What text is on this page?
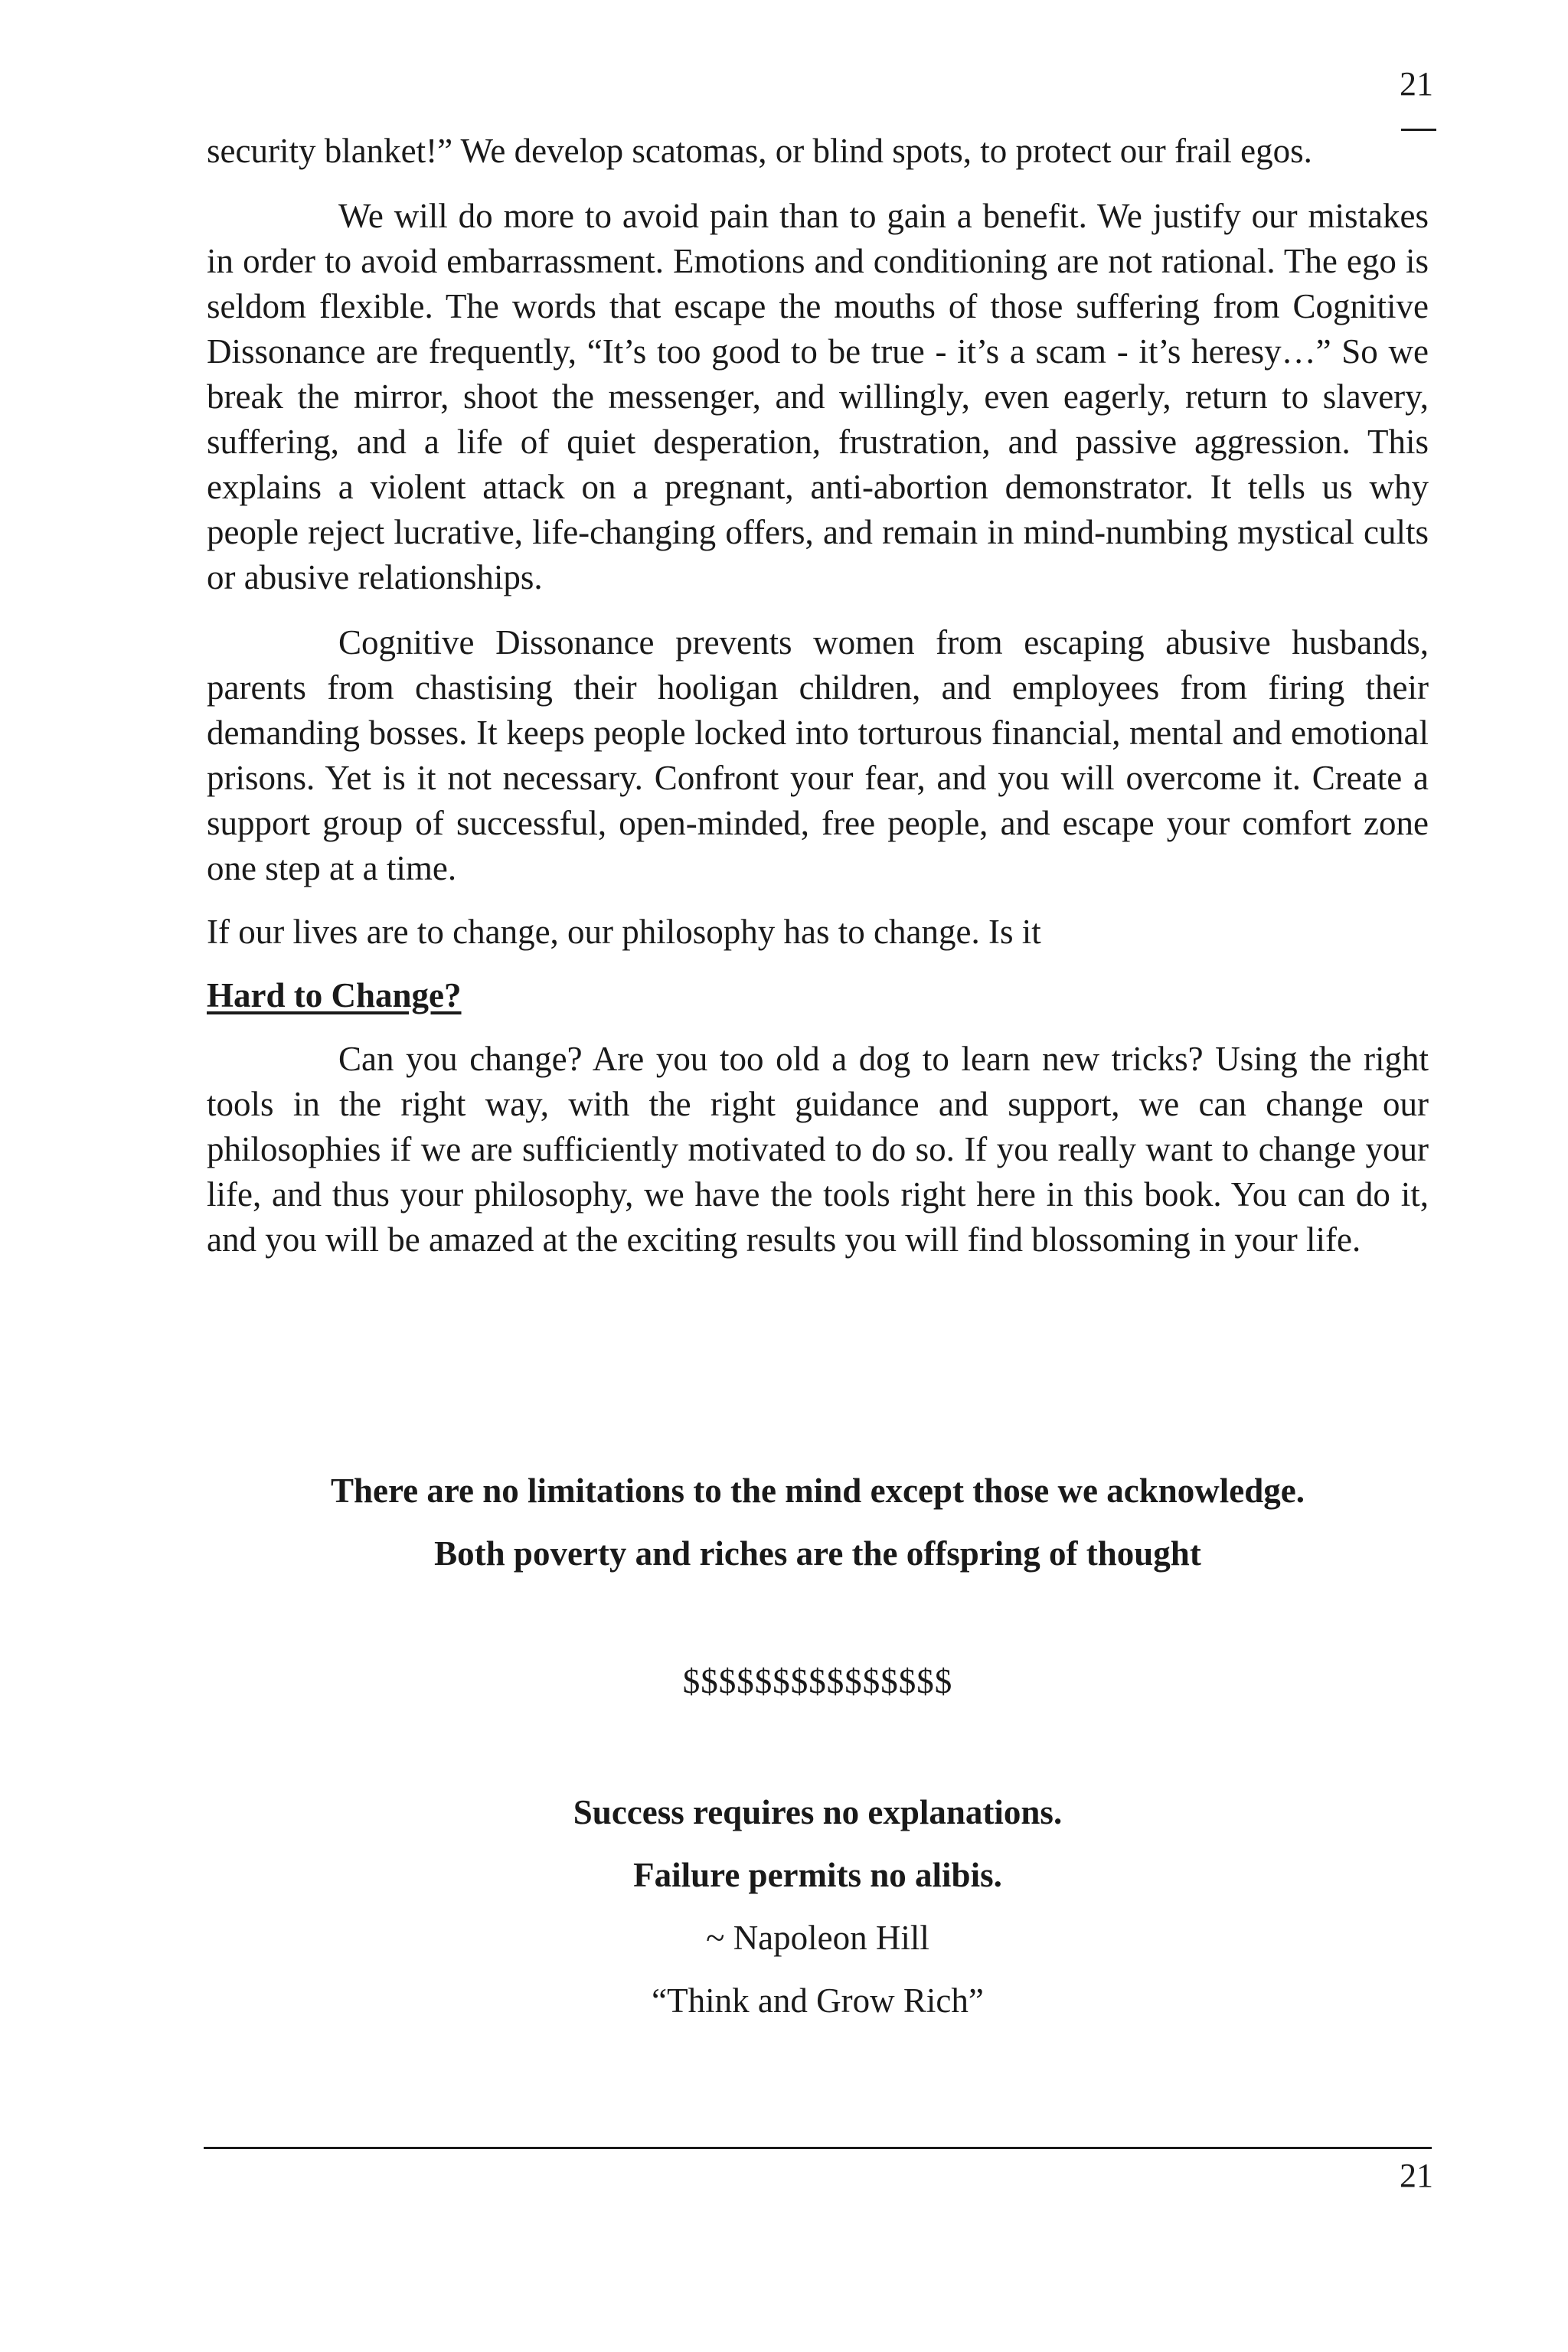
21

security blanket!” We develop scatomas, or blind spots, to protect our frail egos.

We will do more to avoid pain than to gain a benefit. We justify our mistakes in order to avoid embarrassment. Emotions and conditioning are not rational. The ego is seldom flexible. The words that escape the mouths of those suffering from Cognitive Dissonance are frequently, “It’s too good to be true - it’s a scam - it’s heresy…” So we break the mirror, shoot the messenger, and willingly, even eagerly, return to slavery, suffering, and a life of quiet desperation, frustration, and passive aggression. This explains a violent attack on a pregnant, anti-abortion demonstrator. It tells us why people reject lucrative, life-changing offers, and remain in mind-numbing mystical cults or abusive relationships.

Cognitive Dissonance prevents women from escaping abusive husbands, parents from chastising their hooligan children, and employees from firing their demanding bosses. It keeps people locked into torturous financial, mental and emotional prisons. Yet is it not necessary. Confront your fear, and you will overcome it. Create a support group of successful, open-minded, free people, and escape your comfort zone one step at a time.

If our lives are to change, our philosophy has to change. Is it

Hard to Change?

Can you change? Are you too old a dog to learn new tricks? Using the right tools in the right way, with the right guidance and support, we can change our philosophies if we are sufficiently motivated to do so. If you really want to change your life, and thus your philosophy, we have the tools right here in this book. You can do it, and you will be amazed at the exciting results you will find blossoming in your life.

There are no limitations to the mind except those we acknowledge.

Both poverty and riches are the offspring of thought

$$$$$$$$$$$$$$$

Success requires no explanations.

Failure permits no alibis.

~ Napoleon Hill

“Think and Grow Rich”

21
